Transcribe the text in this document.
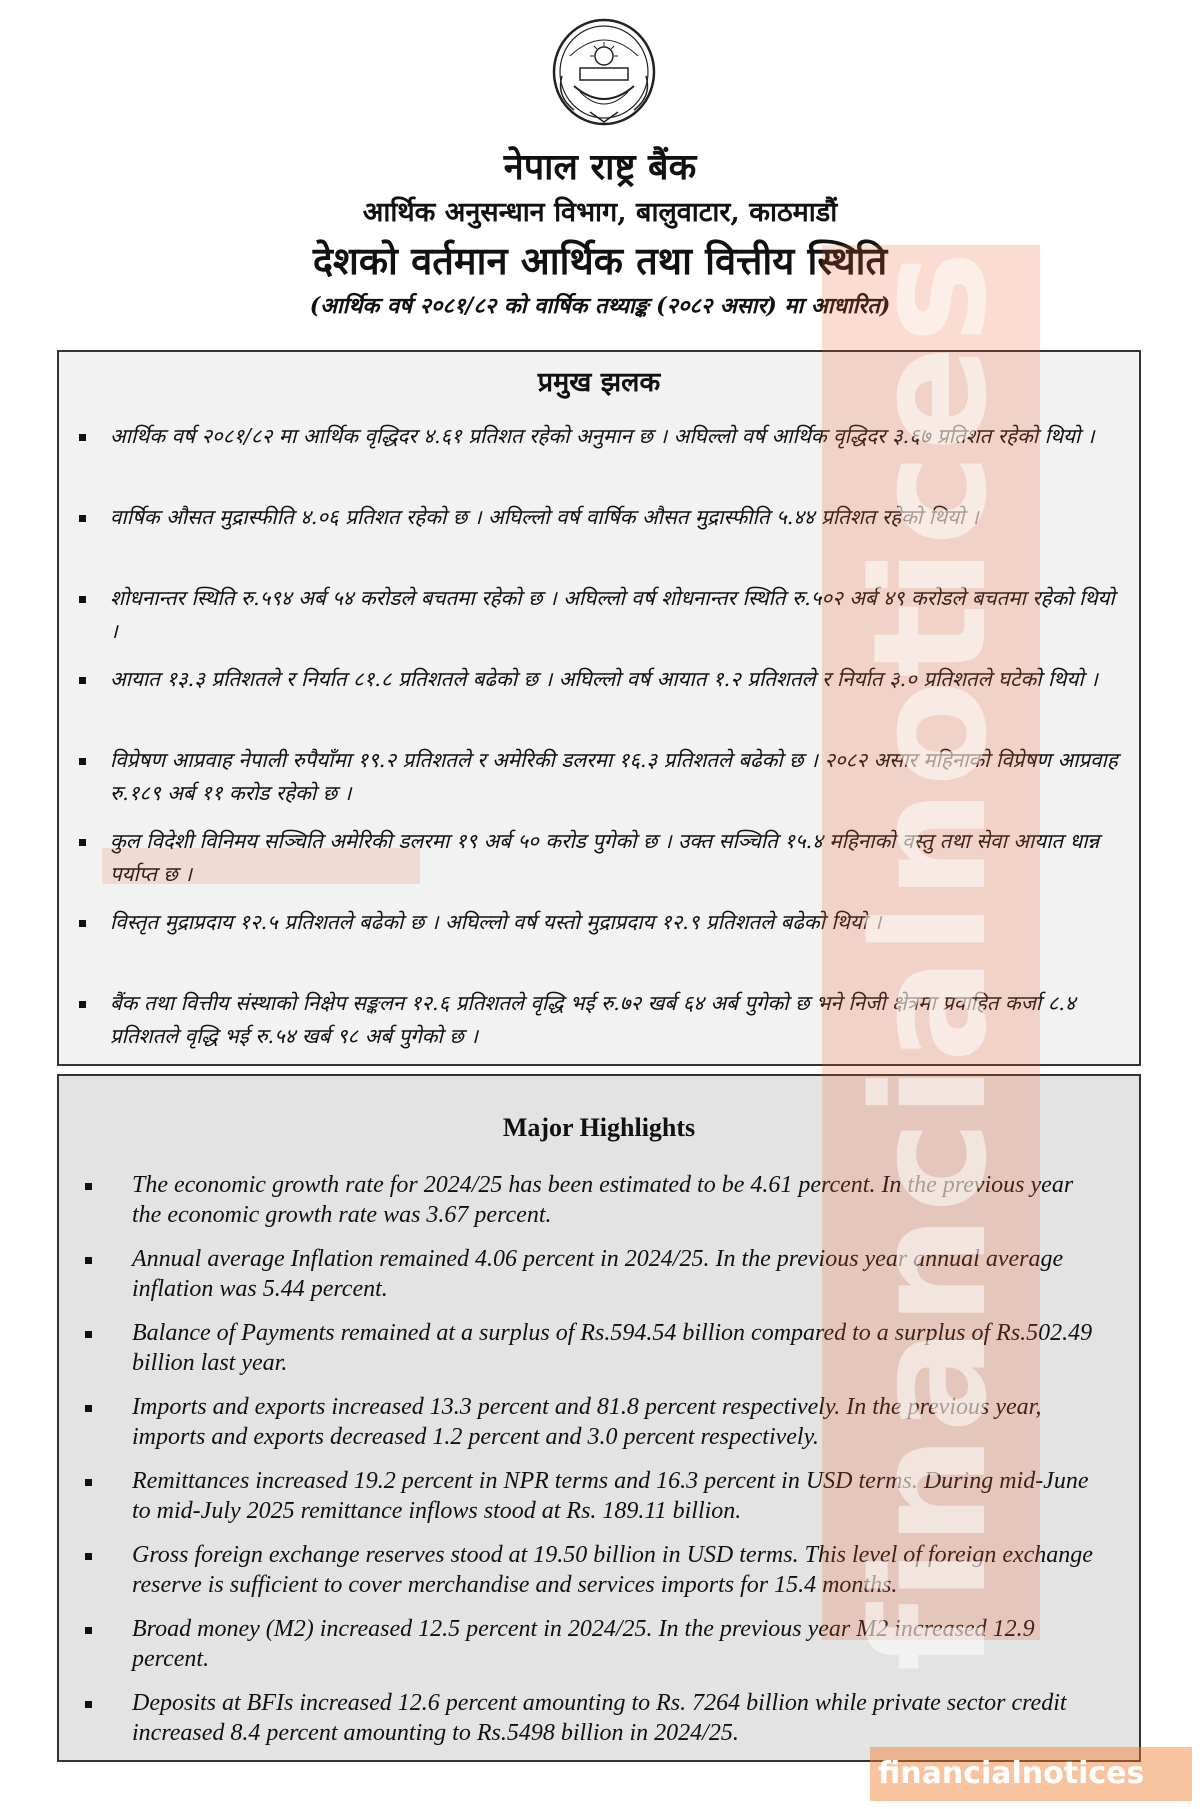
नेपाल राष्ट्र बैंक
आर्थिक अनुसन्धान विभाग, बालुवाटार, काठमाडौं
देशको वर्तमान आर्थिक तथा वित्तीय स्थिति
(आर्थिक वर्ष २०८१/८२ को वार्षिक तथ्याङ्क (२०८२ असार) मा आधारित)
प्रमुख झलक
आर्थिक वर्ष २०८१/८२ मा आर्थिक वृद्धिदर ४.६१ प्रतिशत रहेको अनुमान छ । अघिल्लो वर्ष आर्थिक वृद्धिदर ३.६७ प्रतिशत रहेको थियो ।
वार्षिक औसत मुद्रास्फीति ४.०६ प्रतिशत रहेको छ । अघिल्लो वर्ष वार्षिक औसत मुद्रास्फीति ५.४४ प्रतिशत रहेको थियो ।
शोधनान्तर स्थिति रु.५९४ अर्ब ५४ करोडले बचतमा रहेको छ । अघिल्लो वर्ष शोधनान्तर स्थिति रु.५०२ अर्ब ४९ करोडले बचतमा रहेको थियो ।
आयात १३.३ प्रतिशतले र निर्यात ८१.८ प्रतिशतले बढेको छ । अघिल्लो वर्ष आयात १.२ प्रतिशतले र निर्यात ३.० प्रतिशतले घटेको थियो ।
विप्रेषण आप्रवाह नेपाली रुपैयाँमा १९.२ प्रतिशतले र अमेरिकी डलरमा १६.३ प्रतिशतले बढेको छ । २०८२ असार महिनाको विप्रेषण आप्रवाह रु.१८९ अर्ब ११ करोड रहेको छ ।
कुल विदेशी विनिमय सञ्चिति अमेरिकी डलरमा १९ अर्ब ५० करोड पुगेको छ । उक्त सञ्चिति १५.४ महिनाको वस्तु तथा सेवा आयात धान्न पर्याप्त छ ।
विस्तृत मुद्राप्रदाय १२.५ प्रतिशतले बढेको छ । अघिल्लो वर्ष यस्तो मुद्राप्रदाय १२.९ प्रतिशतले बढेको थियो ।
बैंक तथा वित्तीय संस्थाको निक्षेप सङ्कलन १२.६ प्रतिशतले वृद्धि भई रु.७२ खर्ब ६४ अर्ब पुगेको छ भने निजी क्षेत्रमा प्रवाहित कर्जा ८.४ प्रतिशतले वृद्धि भई रु.५४ खर्ब ९८ अर्ब पुगेको छ ।
Major Highlights
The economic growth rate for 2024/25 has been estimated to be 4.61 percent. In the previous year the economic growth rate was 3.67 percent.
Annual average Inflation remained 4.06 percent in 2024/25. In the previous year annual average inflation was 5.44 percent.
Balance of Payments remained at a surplus of Rs.594.54 billion compared to a surplus of Rs.502.49 billion last year.
Imports and exports increased 13.3 percent and 81.8 percent respectively. In the previous year, imports and exports decreased 1.2 percent and 3.0 percent respectively.
Remittances increased 19.2 percent in NPR terms and 16.3 percent in USD terms. During mid-June to mid-July 2025 remittance inflows stood at Rs. 189.11 billion.
Gross foreign exchange reserves stood at 19.50 billion in USD terms. This level of foreign exchange reserve is sufficient to cover merchandise and services imports for 15.4 months.
Broad money (M2) increased 12.5 percent in 2024/25. In the previous year M2 increased 12.9 percent.
Deposits at BFIs increased 12.6 percent amounting to Rs. 7264 billion while private sector credit increased 8.4 percent amounting to Rs.5498 billion in 2024/25.
financialnotices
financialnotices
